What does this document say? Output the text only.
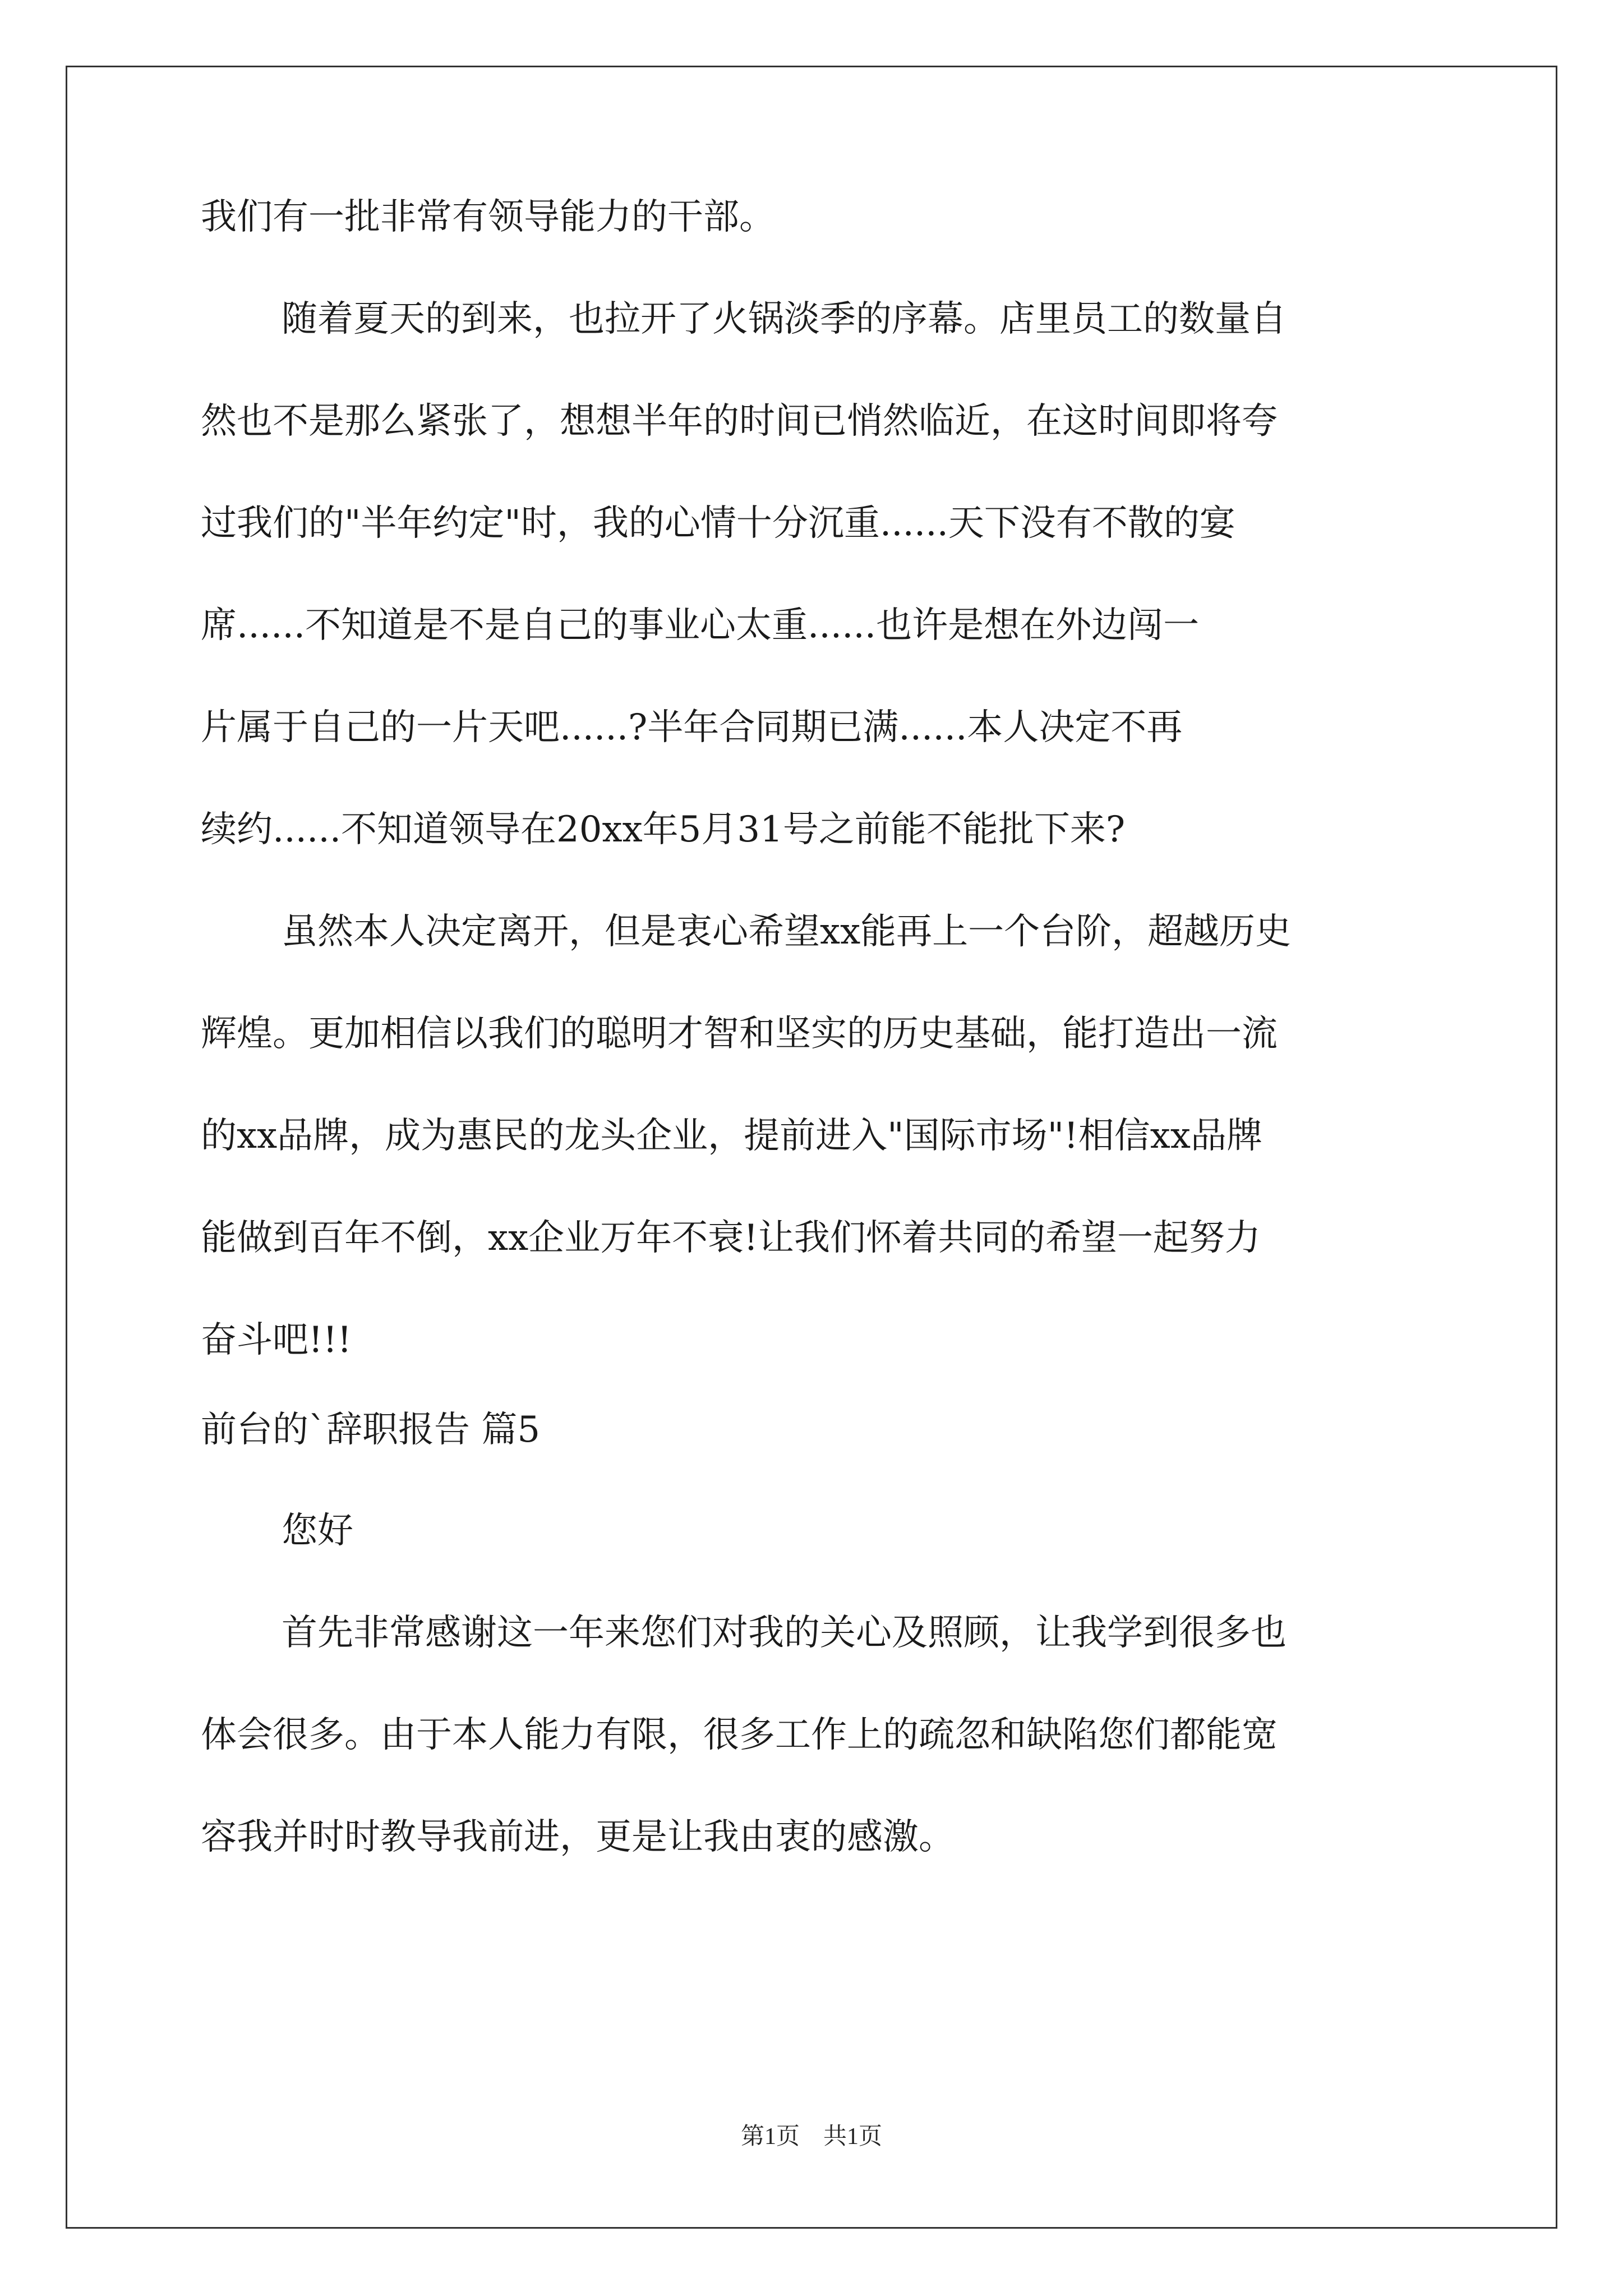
我们有一批非常有领导能力的干部。
随着夏天的到来，也拉开了火锅淡季的序幕。店里员工的数量自
然也不是那么紧张了，想想半年的时间已悄然临近，在这时间即将夸
过我们的"半年约定"时，我的心情十分沉重......天下没有不散的宴
席......不知道是不是自己的事业心太重......也许是想在外边闯一
片属于自己的一片天吧......?半年合同期已满......本人决定不再
续约......不知道领导在20xx年5月31号之前能不能批下来?
虽然本人决定离开，但是衷心希望xx能再上一个台阶，超越历史
辉煌。更加相信以我们的聪明才智和坚实的历史基础，能打造出一流
的xx品牌，成为惠民的龙头企业，提前进入"国际市场"!相信xx品牌
能做到百年不倒，xx企业万年不衰!让我们怀着共同的希望一起努力
奋斗吧!!!
前台的`辞职报告 篇5
您好
首先非常感谢这一年来您们对我的关心及照顾，让我学到很多也
体会很多。由于本人能力有限，很多工作上的疏忽和缺陷您们都能宽
容我并时时教导我前进，更是让我由衷的感激。
第1页　共1页
